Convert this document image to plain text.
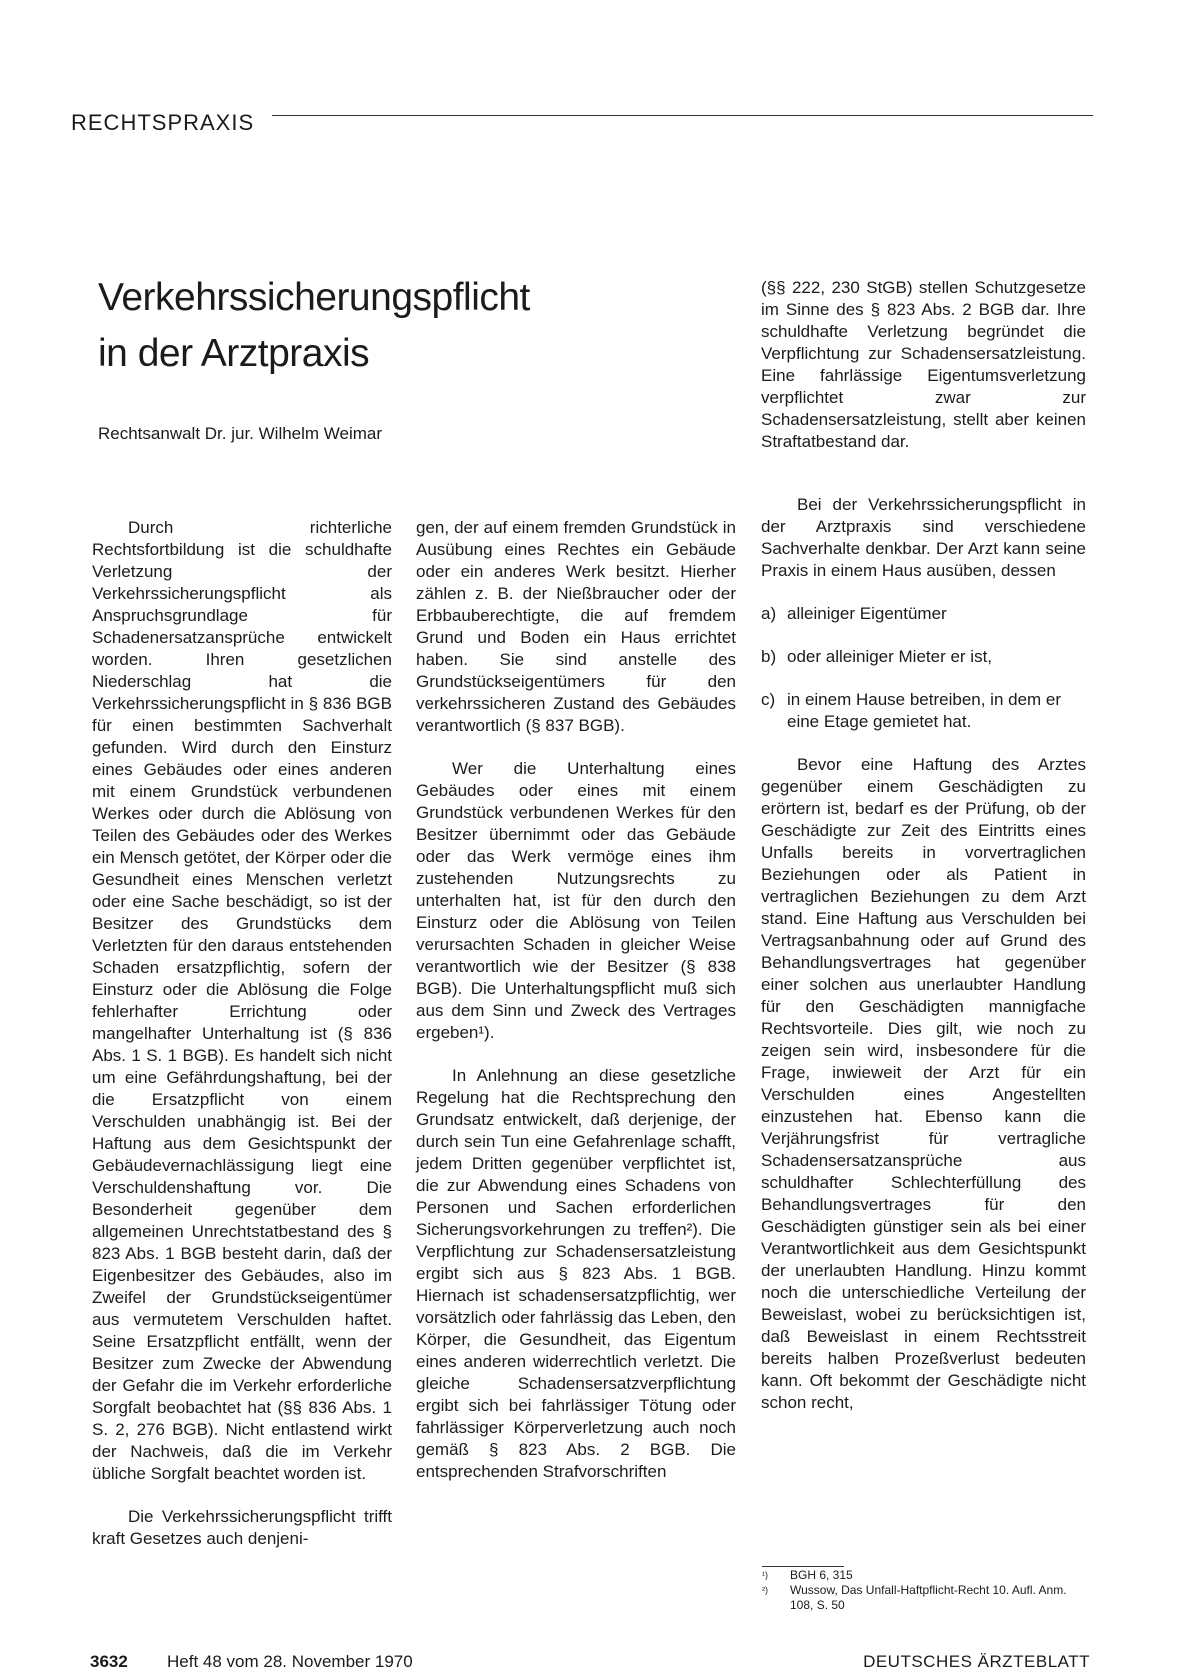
RECHTSPRAXIS
Verkehrssicherungspflicht
in der Arztpraxis
Rechtsanwalt Dr. jur. Wilhelm Weimar

Durch richterliche Rechtsfortbildung ist die schuldhafte Verletzung der Verkehrssicherungspflicht als Anspruchsgrundlage für Schadenersatzansprüche entwickelt worden. Ihren gesetzlichen Niederschlag hat die Verkehrssicherungspflicht in § 836 BGB für einen bestimmten Sachverhalt gefunden. Wird durch den Einsturz eines Gebäudes oder eines anderen mit einem Grundstück verbundenen Werkes oder durch die Ablösung von Teilen des Gebäudes oder des Werkes ein Mensch getötet, der Körper oder die Gesundheit eines Menschen verletzt oder eine Sache beschädigt, so ist der Besitzer des Grundstücks dem Verletzten für den daraus entstehenden Schaden ersatzpflichtig, sofern der Einsturz oder die Ablösung die Folge fehlerhafter Errichtung oder mangelhafter Unterhaltung ist (§ 836 Abs. 1 S. 1 BGB). Es handelt sich nicht um eine Gefährdungshaftung, bei der die Ersatzpflicht von einem Verschulden unabhängig ist. Bei der Haftung aus dem Gesichtspunkt der Gebäudevernachlässigung liegt eine Verschuldenshaftung vor. Die Besonderheit gegenüber dem allgemeinen Unrechtstatbestand des § 823 Abs. 1 BGB besteht darin, daß der Eigenbesitzer des Gebäudes, also im Zweifel der Grundstückseigentümer aus vermutetem Verschulden haftet. Seine Ersatzpflicht entfällt, wenn der Besitzer zum Zwecke der Abwendung der Gefahr die im Verkehr erforderliche Sorgfalt beobachtet hat (§§ 836 Abs. 1 S. 2, 276 BGB). Nicht entlastend wirkt der Nachweis, daß die im Verkehr übliche Sorgfalt beachtet worden ist.

Die Verkehrssicherungspflicht trifft kraft Gesetzes auch denjeni-

gen, der auf einem fremden Grundstück in Ausübung eines Rechtes ein Gebäude oder ein anderes Werk besitzt. Hierher zählen z. B. der Nießbraucher oder der Erbbauberechtigte, die auf fremdem Grund und Boden ein Haus errichtet haben. Sie sind anstelle des Grundstückseigentümers für den verkehrssicheren Zustand des Gebäudes verantwortlich (§ 837 BGB).

Wer die Unterhaltung eines Gebäudes oder eines mit einem Grundstück verbundenen Werkes für den Besitzer übernimmt oder das Gebäude oder das Werk vermöge eines ihm zustehenden Nutzungsrechts zu unterhalten hat, ist für den durch den Einsturz oder die Ablösung von Teilen verursachten Schaden in gleicher Weise verantwortlich wie der Besitzer (§ 838 BGB). Die Unterhaltungspflicht muß sich aus dem Sinn und Zweck des Vertrages ergeben¹).

In Anlehnung an diese gesetzliche Regelung hat die Rechtsprechung den Grundsatz entwickelt, daß derjenige, der durch sein Tun eine Gefahrenlage schafft, jedem Dritten gegenüber verpflichtet ist, die zur Abwendung eines Schadens von Personen und Sachen erforderlichen Sicherungsvorkehrungen zu treffen²). Die Verpflichtung zur Schadensersatzleistung ergibt sich aus § 823 Abs. 1 BGB. Hiernach ist schadensersatzpflichtig, wer vorsätzlich oder fahrlässig das Leben, den Körper, die Gesundheit, das Eigentum eines anderen widerrechtlich verletzt. Die gleiche Schadensersatzverpflichtung ergibt sich bei fahrlässiger Tötung oder fahrlässiger Körperverletzung auch noch gemäß § 823 Abs. 2 BGB. Die entsprechenden Strafvorschriften

(§§ 222, 230 StGB) stellen Schutzgesetze im Sinne des § 823 Abs. 2 BGB dar. Ihre schuldhafte Verletzung begründet die Verpflichtung zur Schadensersatzleistung. Eine fahrlässige Eigentumsverletzung verpflichtet zwar zur Schadensersatzleistung, stellt aber keinen Straftatbestand dar.

Bei der Verkehrssicherungspflicht in der Arztpraxis sind verschiedene Sachverhalte denkbar. Der Arzt kann seine Praxis in einem Haus ausüben, dessen

a) alleiniger Eigentümer
b) oder alleiniger Mieter er ist,
c) in einem Hause betreiben, in dem er eine Etage gemietet hat.

Bevor eine Haftung des Arztes gegenüber einem Geschädigten zu erörtern ist, bedarf es der Prüfung, ob der Geschädigte zur Zeit des Eintritts eines Unfalls bereits in vorvertraglichen Beziehungen oder als Patient in vertraglichen Beziehungen zu dem Arzt stand. Eine Haftung aus Verschulden bei Vertragsanbahnung oder auf Grund des Behandlungsvertrages hat gegenüber einer solchen aus unerlaubter Handlung für den Geschädigten mannigfache Rechtsvorteile. Dies gilt, wie noch zu zeigen sein wird, insbesondere für die Frage, inwieweit der Arzt für ein Verschulden eines Angestellten einzustehen hat. Ebenso kann die Verjährungsfrist für vertragliche Schadensersatzansprüche aus schuldhafter Schlechterfüllung des Behandlungsvertrages für den Geschädigten günstiger sein als bei einer Verantwortlichkeit aus dem Gesichtspunkt der unerlaubten Handlung. Hinzu kommt noch die unterschiedliche Verteilung der Beweislast, wobei zu berücksichtigen ist, daß Beweislast in einem Rechtsstreit bereits halben Prozeßverlust bedeuten kann. Oft bekommt der Geschädigte nicht schon recht,

¹)	BGH 6, 315
²)	Wussow, Das Unfall-Haftpflicht-Recht 10. Aufl. Anm. 108, S. 50
3632 Heft 48 vom 28. November 1970	DEUTSCHES ÄRZTEBLATT
